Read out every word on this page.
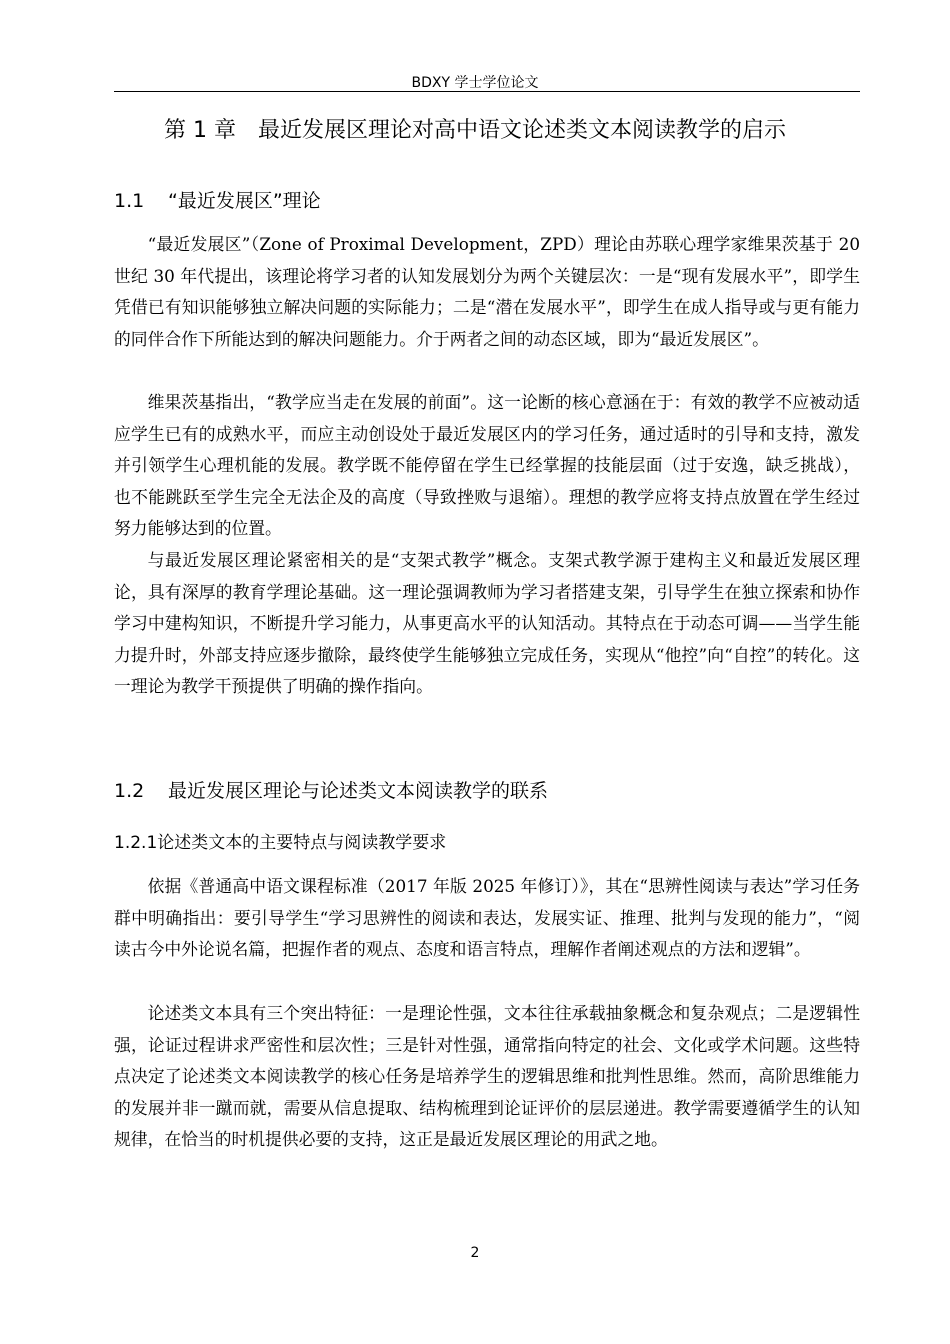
BDXY 学士学位论文
第 1 章 最近发展区理论对高中语文论述类文本阅读教学的启示
1.1 “最近发展区”理论

“最近发展区”（Zone of Proximal Development，ZPD）理论由苏联心理学家维果茨基于 20 世纪 30 年代提出，该理论将学习者的认知发展划分为两个关键层次：一是“现有发展水平”，即学生凭借已有知识能够独立解决问题的实际能力；二是“潜在发展水平”，即学生在成人指导或与更有能力的同伴合作下所能达到的解决问题能力。介于两者之间的动态区域，即为“最近发展区”。

维果茨基指出，“教学应当走在发展的前面”。这一论断的核心意涵在于：有效的教学不应被动适应学生已有的成熟水平，而应主动创设处于最近发展区内的学习任务，通过适时的引导和支持，激发并引领学生心理机能的发展。教学既不能停留在学生已经掌握的技能层面（过于安逸，缺乏挑战），也不能跳跃至学生完全无法企及的高度（导致挫败与退缩）。理想的教学应将支持点放置在学生经过努力能够达到的位置。

与最近发展区理论紧密相关的是“支架式教学”概念。支架式教学源于建构主义和最近发展区理论，具有深厚的教育学理论基础。这一理论强调教师为学习者搭建支架，引导学生在独立探索和协作学习中建构知识，不断提升学习能力，从事更高水平的认知活动。其特点在于动态可调——当学生能力提升时，外部支持应逐步撤除，最终使学生能够独立完成任务，实现从“他控”向“自控”的转化。这一理论为教学干预提供了明确的操作指向。

1.2 最近发展区理论与论述类文本阅读教学的联系
1.2.1论述类文本的主要特点与阅读教学要求

依据《普通高中语文课程标准（2017 年版 2025 年修订）》，其在“思辨性阅读与表达”学习任务群中明确指出：要引导学生“学习思辨性的阅读和表达，发展实证、推理、批判与发现的能力”，“阅读古今中外论说名篇，把握作者的观点、态度和语言特点，理解作者阐述观点的方法和逻辑”。

论述类文本具有三个突出特征：一是理论性强，文本往往承载抽象概念和复杂观点；二是逻辑性强，论证过程讲求严密性和层次性；三是针对性强，通常指向特定的社会、文化或学术问题。这些特点决定了论述类文本阅读教学的核心任务是培养学生的逻辑思维和批判性思维。然而，高阶思维能力的发展并非一蹴而就，需要从信息提取、结构梳理到论证评价的层层递进。教学需要遵循学生的认知规律，在恰当的时机提供必要的支持，这正是最近发展区理论的用武之地。

2
